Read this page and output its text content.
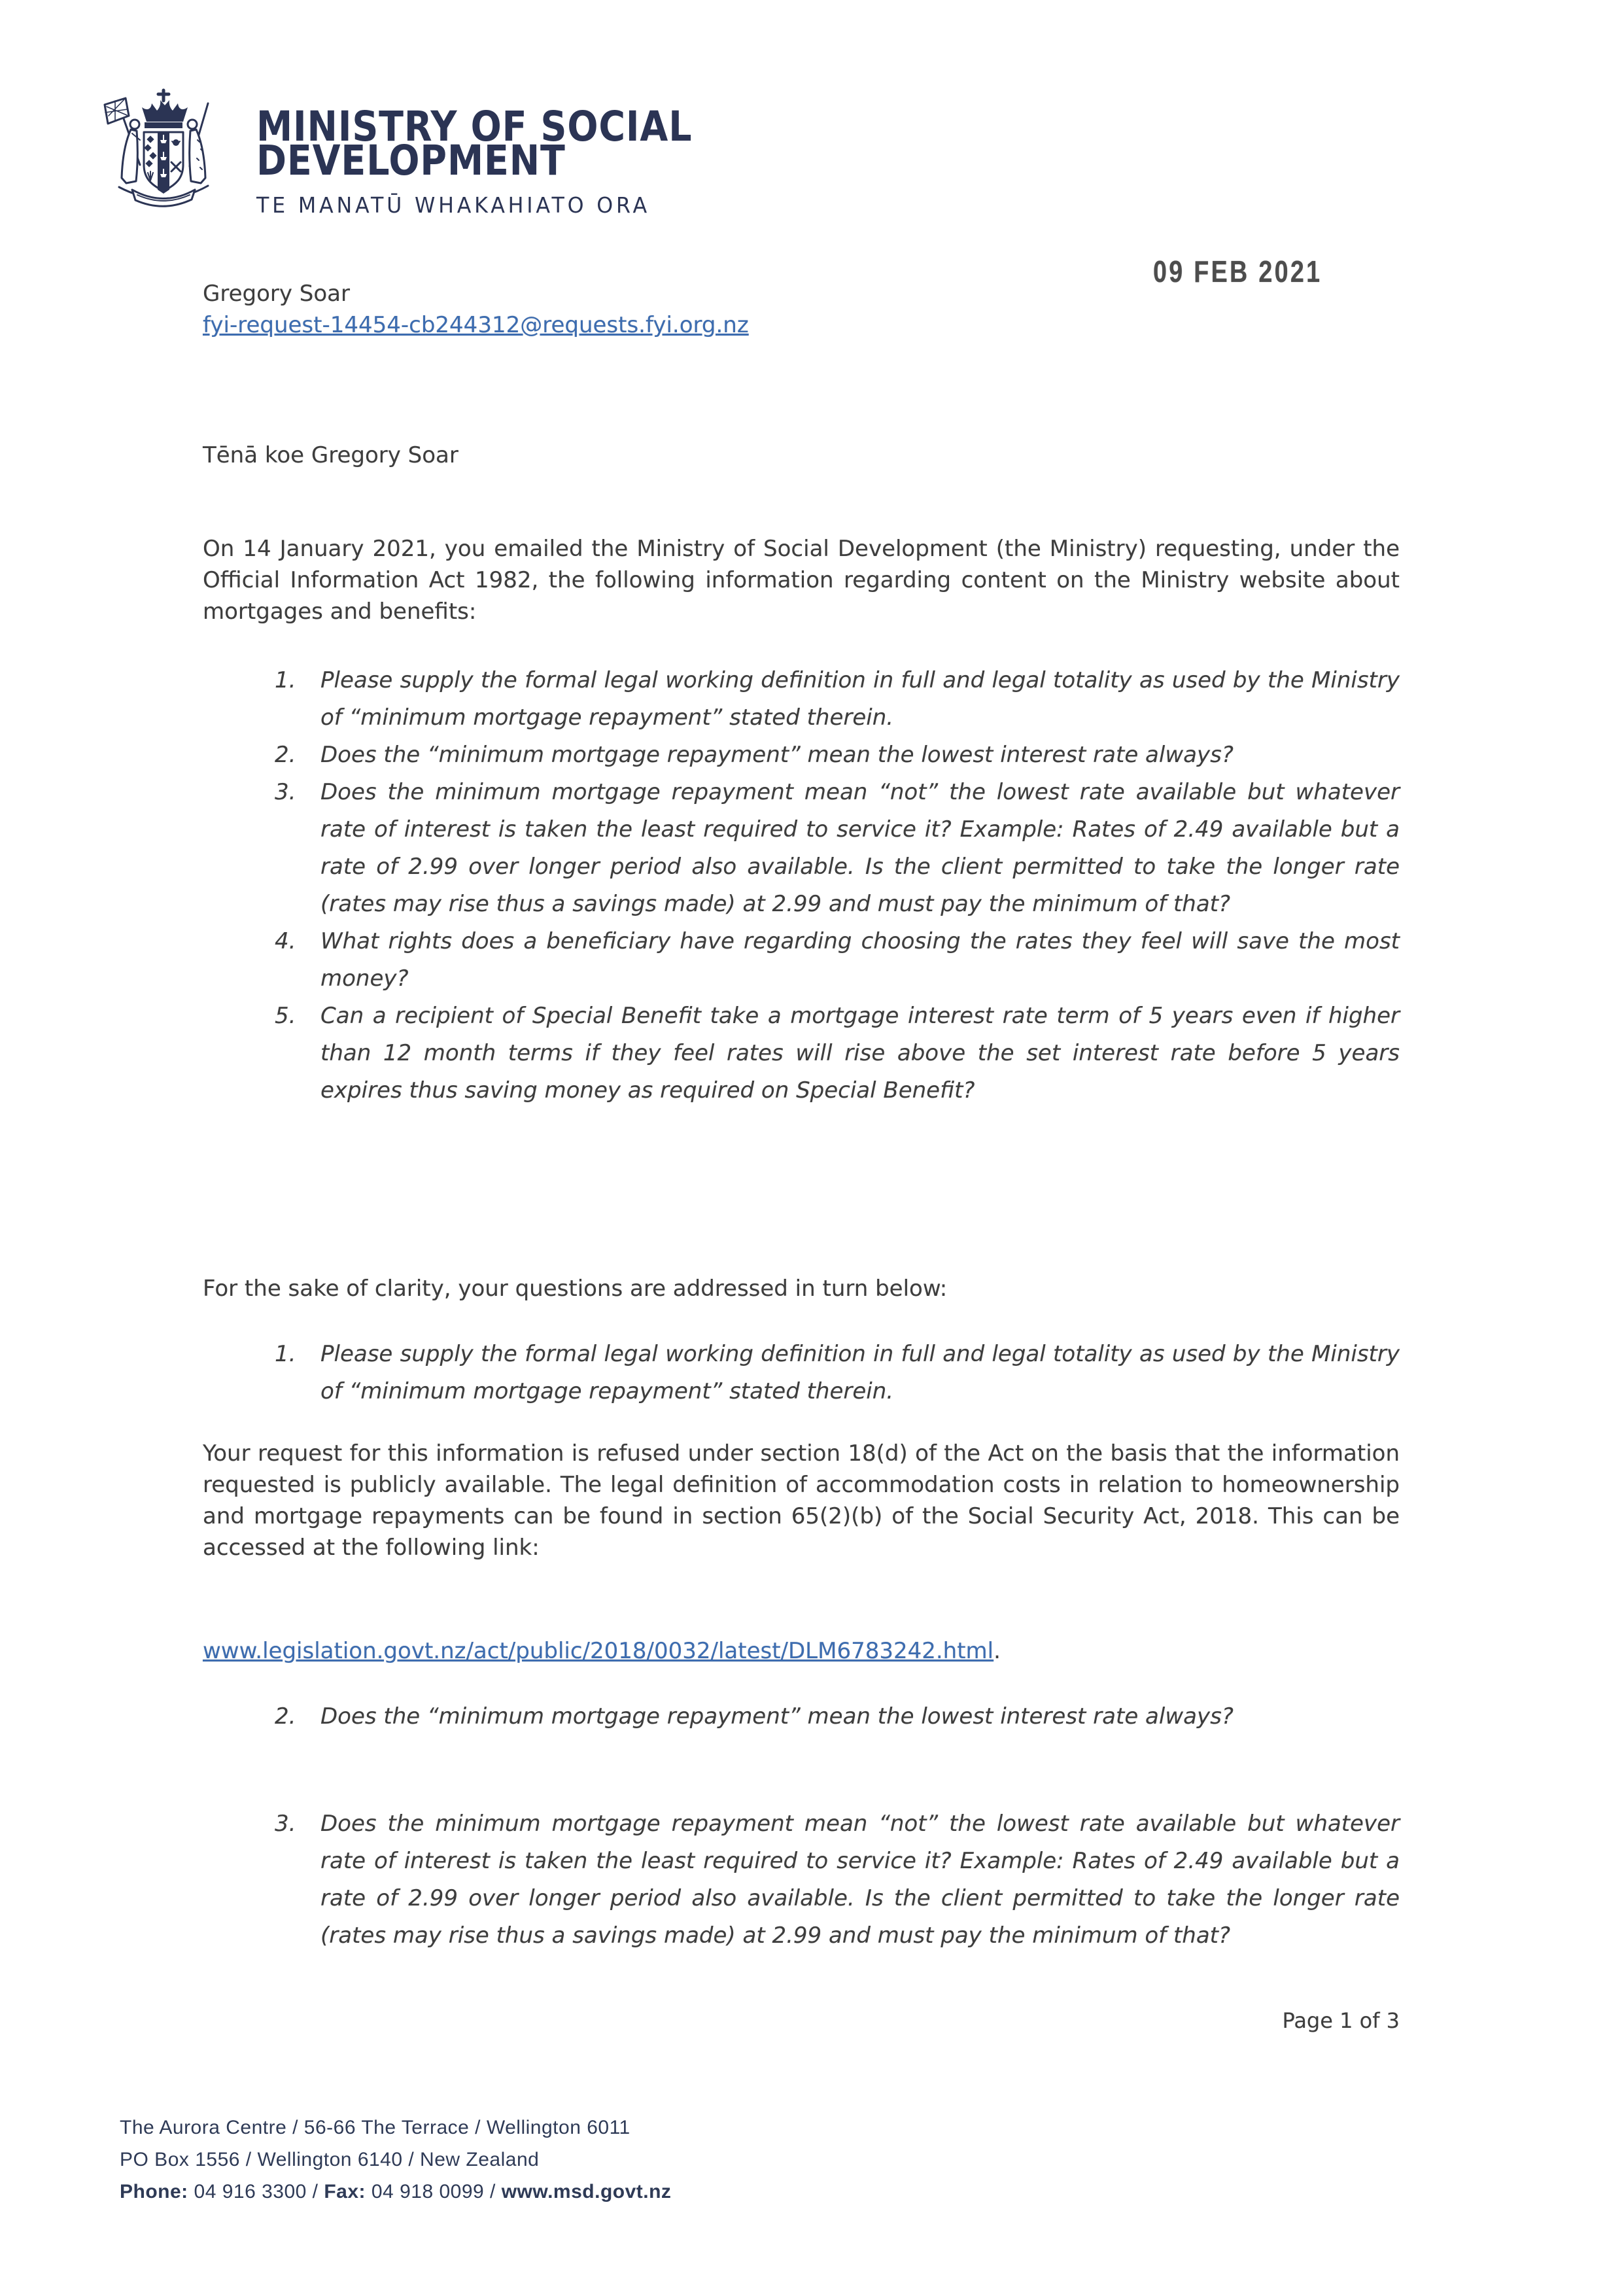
MINISTRY OF SOCIAL
DEVELOPMENT
TE MANATŪ WHAKAHIATO ORA
09 FEB 2021
Gregory Soar
fyi-request-14454-cb244312@requests.fyi.org.nz
Tēnā koe Gregory Soar
On 14 January 2021, you emailed the Ministry of Social Development (the Ministry) requesting, under the Official Information Act 1982, the following information regarding content on the Ministry website about mortgages and benefits:
1. Please supply the formal legal working definition in full and legal totality as used by the Ministry of “minimum mortgage repayment” stated therein.
2. Does the “minimum mortgage repayment” mean the lowest interest rate always?
3. Does the minimum mortgage repayment mean “not” the lowest rate available but whatever rate of interest is taken the least required to service it? Example: Rates of 2.49 available but a rate of 2.99 over longer period also available. Is the client permitted to take the longer rate (rates may rise thus a savings made) at 2.99 and must pay the minimum of that?
4. What rights does a beneficiary have regarding choosing the rates they feel will save the most money?
5. Can a recipient of Special Benefit take a mortgage interest rate term of 5 years even if higher than 12 month terms if they feel rates will rise above the set interest rate before 5 years expires thus saving money as required on Special Benefit?
For the sake of clarity, your questions are addressed in turn below:
1. Please supply the formal legal working definition in full and legal totality as used by the Ministry of “minimum mortgage repayment” stated therein.
Your request for this information is refused under section 18(d) of the Act on the basis that the information requested is publicly available. The legal definition of accommodation costs in relation to homeownership and mortgage repayments can be found in section 65(2)(b) of the Social Security Act, 2018. This can be accessed at the following link:
www.legislation.govt.nz/act/public/2018/0032/latest/DLM6783242.html.
2. Does the “minimum mortgage repayment” mean the lowest interest rate always?
3. Does the minimum mortgage repayment mean “not” the lowest rate available but whatever rate of interest is taken the least required to service it? Example: Rates of 2.49 available but a rate of 2.99 over longer period also available. Is the client permitted to take the longer rate (rates may rise thus a savings made) at 2.99 and must pay the minimum of that?
Page 1 of 3
The Aurora Centre / 56-66 The Terrace / Wellington 6011
PO Box 1556 / Wellington 6140 / New Zealand
Phone: 04 916 3300 / Fax: 04 918 0099 / www.msd.govt.nz
